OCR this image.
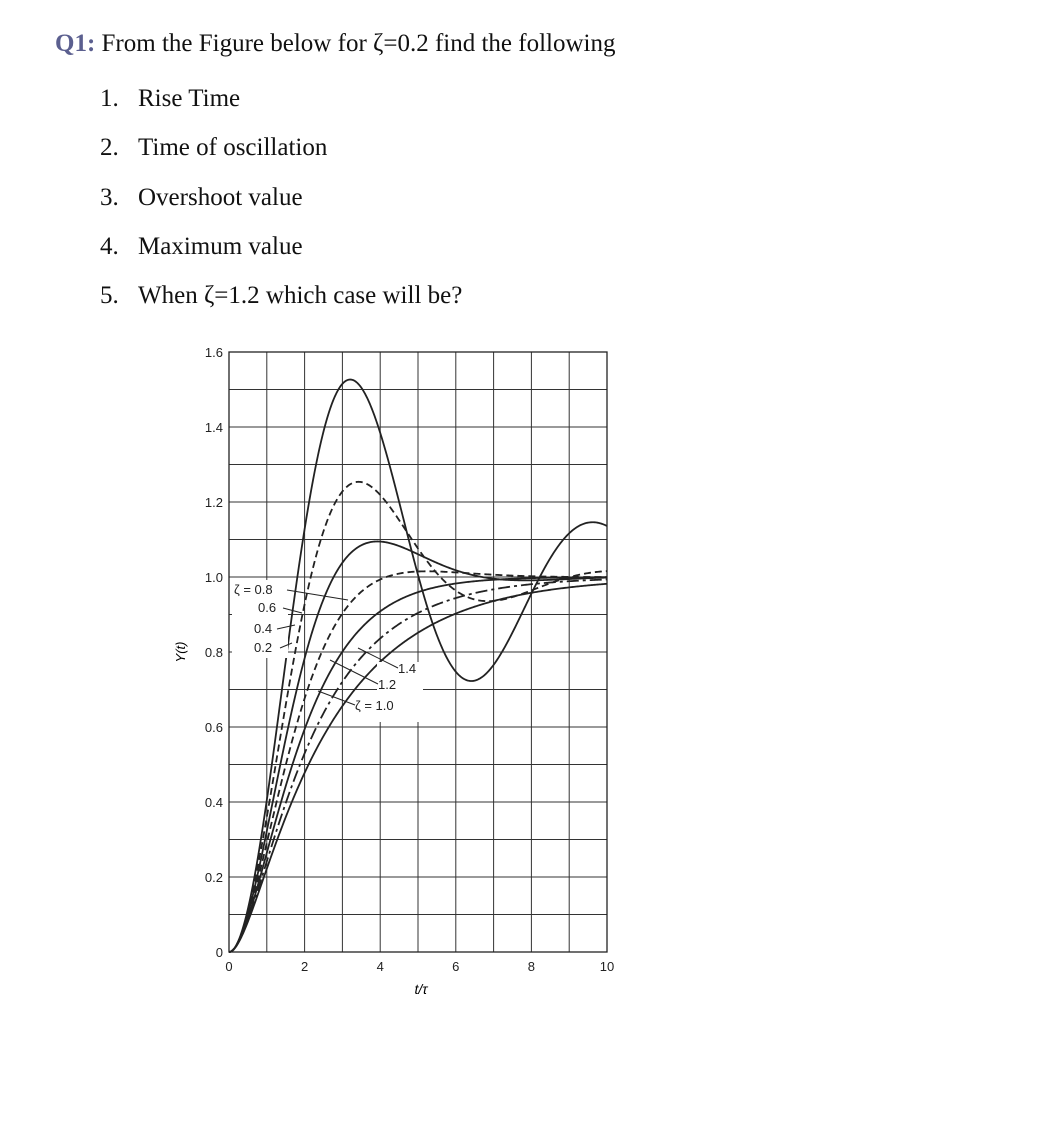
Q1: From the Figure below for ζ=0.2 find the following
1. Rise Time
2. Time of oscillation
3. Overshoot value
4. Maximum value
5. When ζ=1.2 which case will be?
0	2	4	6	8	10
0
0.2
0.4
0.6
0.8
1.0
1.2
1.4
1.6
Y(t)
t/τ
ζ = 0.8
0.6
0.4
0.2
1.4
1.2
ζ = 1.0
